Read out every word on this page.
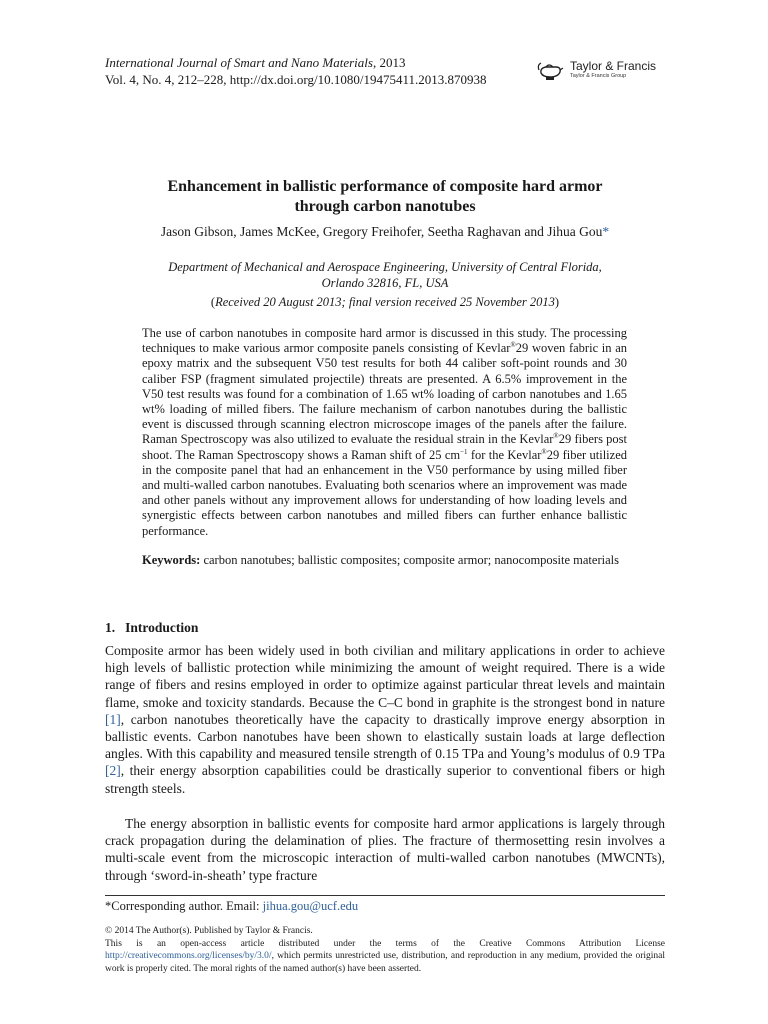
International Journal of Smart and Nano Materials, 2013
Vol. 4, No. 4, 212–228, http://dx.doi.org/10.1080/19475411.2013.870938
Taylor & Francis
Taylor & Francis Group
Enhancement in ballistic performance of composite hard armor
through carbon nanotubes
Jason Gibson, James McKee, Gregory Freihofer, Seetha Raghavan and Jihua Gou*
Department of Mechanical and Aerospace Engineering, University of Central Florida,
Orlando 32816, FL, USA
(Received 20 August 2013; final version received 25 November 2013)
The use of carbon nanotubes in composite hard armor is discussed in this study. The processing techniques to make various armor composite panels consisting of Kevlar®29 woven fabric in an epoxy matrix and the subsequent V50 test results for both 44 caliber soft-point rounds and 30 caliber FSP (fragment simulated projectile) threats are presented. A 6.5% improvement in the V50 test results was found for a combination of 1.65 wt% loading of carbon nanotubes and 1.65 wt% loading of milled fibers. The failure mechanism of carbon nanotubes during the ballistic event is discussed through scanning electron microscope images of the panels after the failure. Raman Spectroscopy was also utilized to evaluate the residual strain in the Kevlar®29 fibers post shoot. The Raman Spectroscopy shows a Raman shift of 25 $cm^{-1}$ for the Kevlar®29 fiber utilized in the composite panel that had an enhancement in the V50 performance by using milled fiber and multi-walled carbon nanotubes. Evaluating both scenarios where an improvement was made and other panels without any improvement allows for understanding of how loading levels and synergistic effects between carbon nanotubes and milled fibers can further enhance ballistic performance.
Keywords: carbon nanotubes; ballistic composites; composite armor; nanocomposite materials
1. Introduction
Composite armor has been widely used in both civilian and military applications in order to achieve high levels of ballistic protection while minimizing the amount of weight required. There is a wide range of fibers and resins employed in order to optimize against particular threat levels and maintain flame, smoke and toxicity standards. Because the C–C bond in graphite is the strongest bond in nature [1], carbon nanotubes theoretically have the capacity to drastically improve energy absorption in ballistic events. Carbon nanotubes have been shown to elastically sustain loads at large deflection angles. With this capability and measured tensile strength of 0.15 TPa and Young’s modulus of 0.9 TPa [2], their energy absorption capabilities could be drastically superior to conventional fibers or high strength steels.
The energy absorption in ballistic events for composite hard armor applications is largely through crack propagation during the delamination of plies. The fracture of thermosetting resin involves a multi-scale event from the microscopic interaction of multi-walled carbon nanotubes (MWCNTs), through ‘sword-in-sheath’ type fracture
*Corresponding author. Email: jihua.gou@ucf.edu
© 2014 The Author(s). Published by Taylor & Francis.
This is an open-access article distributed under the terms of the Creative Commons Attribution License http://creativecommons.org/licenses/by/3.0/, which permits unrestricted use, distribution, and reproduction in any medium, provided the original work is properly cited. The moral rights of the named author(s) have been asserted.
